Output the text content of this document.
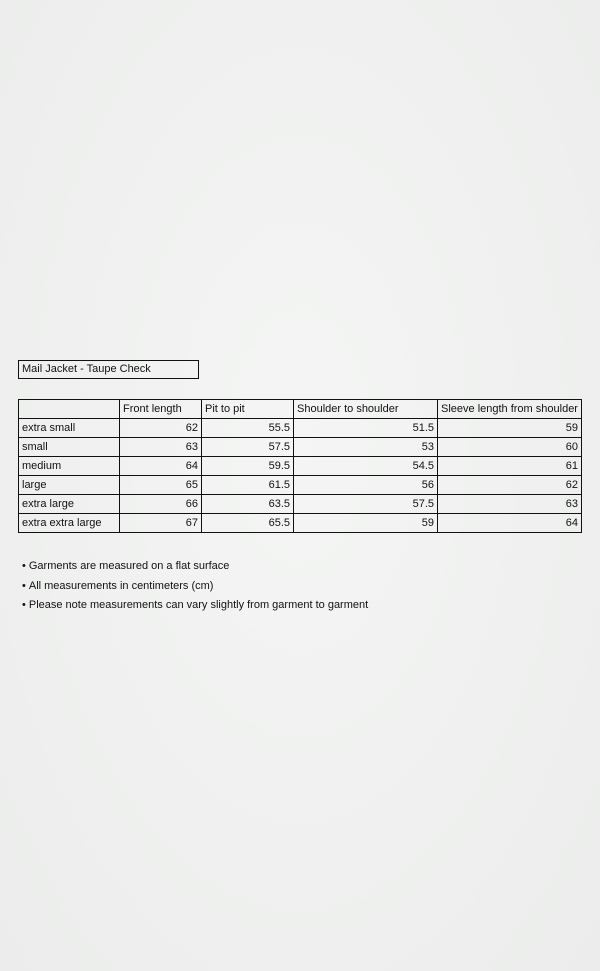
Mail Jacket - Taupe Check
	Front length	Pit to pit	Shoulder to shoulder	Sleeve length from shoulder
extra small	62	55.5	51.5	59
small	63	57.5	53	60
medium	64	59.5	54.5	61
large	65	61.5	56	62
extra large	66	63.5	57.5	63
extra extra large	67	65.5	59	64
• Garments are measured on a flat surface
• All measurements in centimeters (cm)
• Please note measurements can vary slightly from garment to garment
